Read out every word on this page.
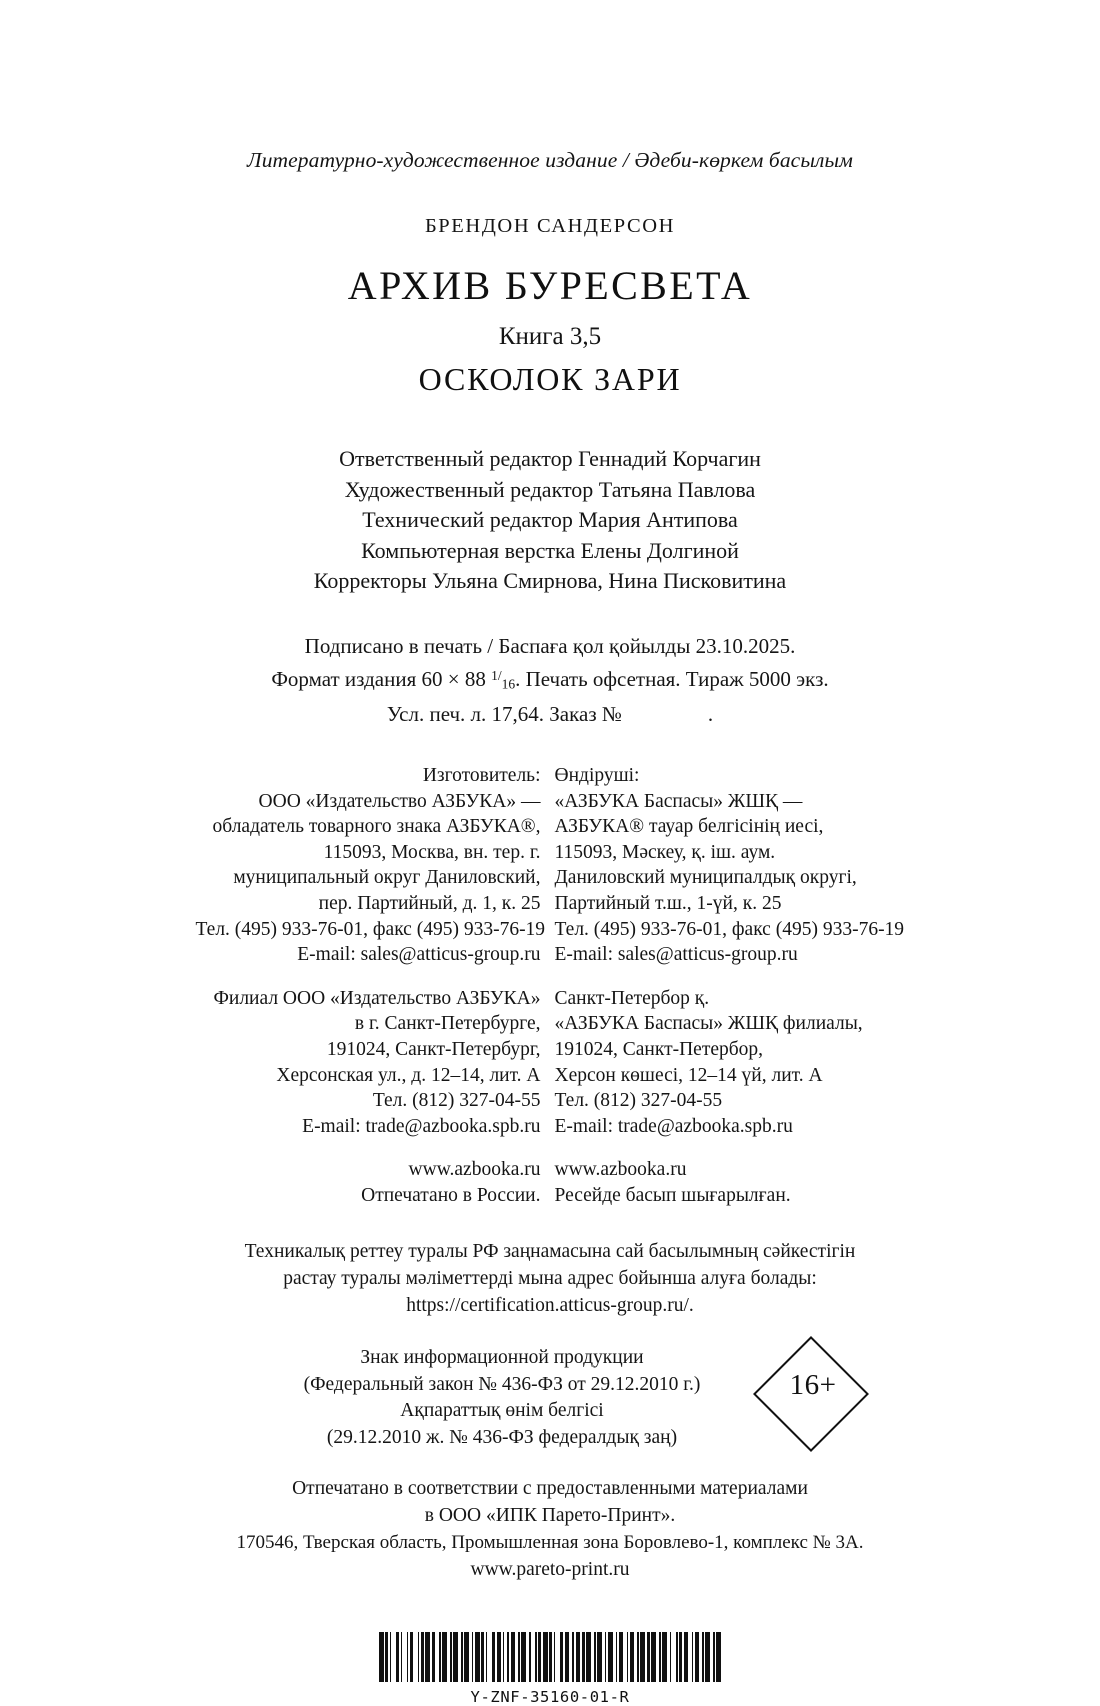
Литературно-художественное издание / Әдеби-көркем басылым
БРЕНДОН САНДЕРСОН
АРХИВ БУРЕСВЕТА
Книга 3,5
ОСКОЛОК ЗАРИ
Ответственный редактор Геннадий Корчагин
Художественный редактор Татьяна Павлова
Технический редактор Мария Антипова
Компьютерная верстка Елены Долгиной
Корректоры Ульяна Смирнова, Нина Писковитина
Подписано в печать / Баспаға қол қойылды 23.10.2025.
Формат издания 60 × 88 $^{1/}$16. Печать офсетная. Тираж 5000 экз.
Усл. печ. л. 17,64. Заказ №	.
Изготовитель:
ООО «Издательство АЗБУКА» —
обладатель товарного знака АЗБУКА®,
115093, Москва, вн. тер. г.
муниципальный округ Даниловский,
пер. Партийный, д. 1, к. 25
Тел. (495) 933-76-01, факс (495) 933-76-19
E-mail: sales@atticus-group.ru
Филиал ООО «Издательство АЗБУКА»
в г. Санкт-Петербурге,
191024, Санкт-Петербург,
Херсонская ул., д. 12–14, лит. А
Тел. (812) 327-04-55
E-mail: trade@azbooka.spb.ru
www.azbooka.ru
Отпечатано в России.
Өндіруші:
«АЗБУКА Баспасы» ЖШҚ —
АЗБУКА® тауар белгісінің иесі,
115093, Мәскеу, қ. іш. аум.
Даниловский муниципалдық округі,
Партийный т.ш., 1-үй, к. 25
Тел. (495) 933-76-01, факс (495) 933-76-19
E-mail: sales@atticus-group.ru
Санкт-Петербор қ.
«АЗБУКА Баспасы» ЖШҚ филиалы,
191024, Санкт-Петербор,
Херсон көшесі, 12–14 үй, лит. А
Тел. (812) 327-04-55
E-mail: trade@azbooka.spb.ru
www.azbooka.ru
Ресейде басып шығарылған.
Техникалық реттеу туралы РФ заңнамасына сай басылымның сәйкестігін
растау туралы мәліметтерді мына адрес бойынша алуға болады:
https://certification.atticus-group.ru/.
Знак информационной продукции
(Федеральный закон № 436-ФЗ от 29.12.2010 г.)
Ақпараттық өнім белгісі
(29.12.2010 ж. № 436-ФЗ федералдық заң)
16+
Отпечатано в соответствии с предоставленными материалами
в ООО «ИПК Парето-Принт».
170546, Тверская область, Промышленная зона Боровлево-1, комплекс № 3А.
www.pareto-print.ru
Y-ZNF-35160-01-R
